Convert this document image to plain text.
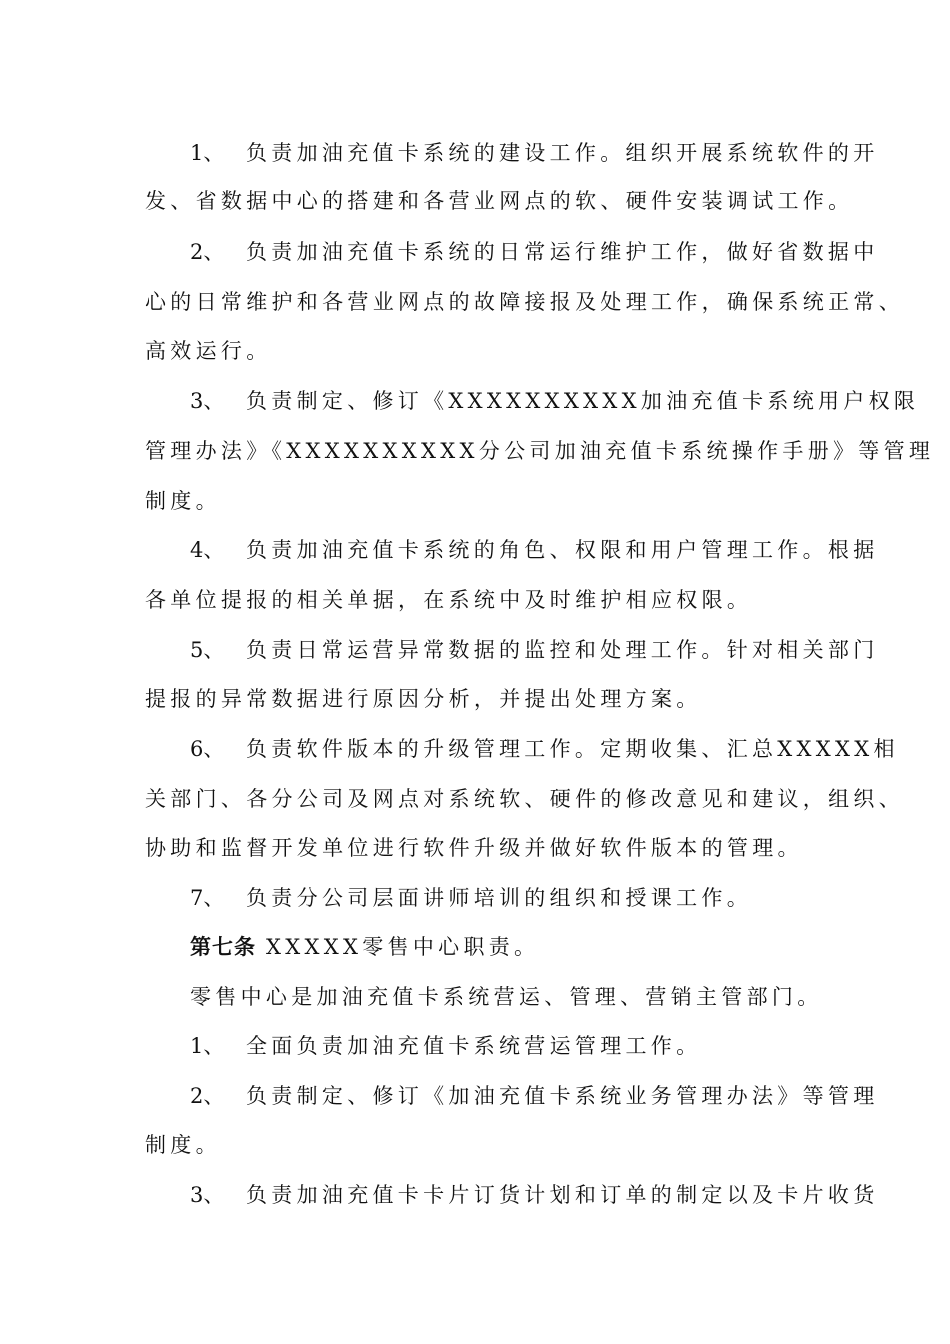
1、 负责加油充值卡系统的建设工作。组织开展系统软件的开

发、省数据中心的搭建和各营业网点的软、硬件安装调试工作。

2、 负责加油充值卡系统的日常运行维护工作，做好省数据中

心的日常维护和各营业网点的故障接报及处理工作，确保系统正常、

高效运行。

3、 负责制定、修订《XXXXXXXXXX加油充值卡系统用户权限

管理办法》《XXXXXXXXXX分公司加油充值卡系统操作手册》等管理

制度。

4、 负责加油充值卡系统的角色、权限和用户管理工作。根据

各单位提报的相关单据，在系统中及时维护相应权限。

5、 负责日常运营异常数据的监控和处理工作。针对相关部门

提报的异常数据进行原因分析，并提出处理方案。

6、 负责软件版本的升级管理工作。定期收集、汇总XXXXX相

关部门、各分公司及网点对系统软、硬件的修改意见和建议，组织、

协助和监督开发单位进行软件升级并做好软件版本的管理。

7、 负责分公司层面讲师培训的组织和授课工作。

第七条 XXXXX零售中心职责。

零售中心是加油充值卡系统营运、管理、营销主管部门。

1、 全面负责加油充值卡系统营运管理工作。

2、 负责制定、修订《加油充值卡系统业务管理办法》等管理

制度。

3、 负责加油充值卡卡片订货计划和订单的制定以及卡片收货
